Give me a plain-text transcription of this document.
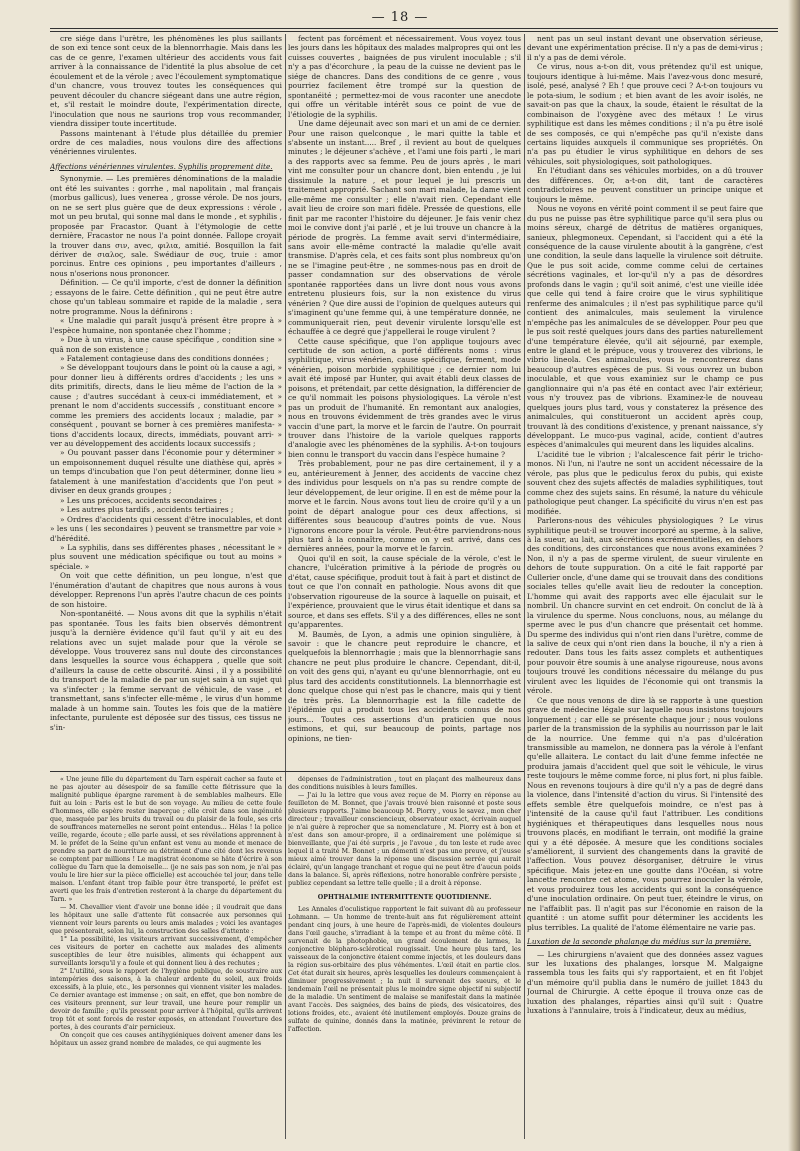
— 18 —

cre siége dans l'urètre, les phénomènes les plus saillants de son exi tence sont ceux de la blennorrhagie. Mais dans les cas de ce genre, l'examen ultérieur des accidents vous fait arriver à la connaissance de l'identité la plus absolue de cet écoulement et de la vérole ; avec l'écoulement symptomatique d'un chancre, vous trouvez toutes les conséquences qui peuvent découler du chancre siégeant dans une autre région, et, s'il restait le moindre doute, l'expérimentation directe, l'inoculation que nous ne saurions trop vous recommander, viendra dissiper toute incertitude.

Passons maintenant à l'étude plus détaillée du premier ordre de ces maladies, nous voulons dire des affections vénériennes virulentes.

Affections vénériennes virulentes. Syphilis proprement dite.

Synonymie. — Les premières dénominations de la maladie ont été les suivantes : gorrhe , mal napolitain , mal français (morbus gallicus), lues venerea , grosse vérole. De nos jours, on ne se sert plus guère que de deux expressions : vérole , mot un peu brutal, qui sonne mal dans le monde , et syphilis , proposée par Fracastor. Quant à l'étymologie de cette dernière, Fracastor ne nous l'a point donnée. Fallope croyait la trouver dans σιν, avec, φιλια, amitié. Bosquillon la fait dériver de σιαλος, sale. Swédiaur de συς, truie : amor porcinus. Entre ces opinions , peu importantes d'ailleurs , nous n'oserions nous prononcer.

Définition. — Ce qu'il importe, c'est de donner la définition ; essayons de le faire. Cette définition , qui ne peut être autre chose qu'un tableau sommaire et rapide de la maladie , sera notre programme. Nous la définirons :

« Une maladie qui paraît jusqu'à présent être propre à » l'espèce humaine, non spontanée chez l'homme ;

» Due à un virus, à une cause spécifique , condition sine » quâ non de son existence ;

» Fatalement contagieuse dans des conditions données ;

» Se développant toujours dans le point où la cause a agi, » pour donner lieu à différents ordres d'accidents ; les uns » dits primitifs, directs, dans le lieu même de l'action de la » cause ; d'autres succédant à ceux-ci immédiatement, et » prenant le nom d'accidents successifs , constituant encore » comme les premiers des accidents locaux ; maladie, par » conséquent , pouvant se borner à ces premières manifesta- » tions d'accidents locaux, directs, immédiats, pouvant arri- » ver au développement des accidents locaux successifs ;

» Ou pouvant passer dans l'économie pour y déterminer » un empoisonnement duquel résulte une diathèse qui, après » un temps d'incubation que l'on peut déterminer, donne lieu » fatalement à une manifestation d'accidents que l'on peut » diviser en deux grands groupes ;

» Les uns précoces, accidents secondaires ;

» Les autres plus tardifs , accidents tertiaires ;

» Ordres d'accidents qui cessent d'être inoculables, et dont » les uns ( les secondaires ) peuvent se transmettre par voie » d'hérédité.

» La syphilis, dans ses différentes phases , nécessitant le » plus souvent une médication spécifique ou tout au moins » spéciale. »

On voit que cette définition, un peu longue, n'est que l'énumération d'autant de chapitres que nous aurons à vous développer. Reprenons l'un après l'autre chacun de ces points de son histoire.

Non-spontanéité. — Nous avons dit que la syphilis n'était pas spontanée. Tous les faits bien observés démontrent jusqu'à la dernière évidence qu'il faut qu'il y ait eu des relations avec un sujet malade pour que la vérole se développe. Vous trouverez sans nul doute des circonstances dans lesquelles la source vous échappera , quelle que soit d'ailleurs la cause de cette obscurité. Ainsi , il y a possibilité du transport de la maladie de par un sujet sain à un sujet qui va s'infecter ; la femme servant de véhicule, de vase , et transmettant, sans s'infecter elle-même , le virus d'un homme malade à un homme sain. Toutes les fois que de la matière infectante, purulente est déposée sur des tissus, ces tissus ne s'in-

fectent pas forcément et nécessairement. Vous voyez tous les jours dans les hôpitaux des malades malpropres qui ont les cuisses couvertes , baignées de pus virulent inoculable ; s'il n'y a pas d'écorchure , la peau de la cuisse ne devient pas le siége de chancres. Dans des conditions de ce genre , vous pourriez facilement être trompé sur la question de spontanéité ; permettez-moi de vous raconter une anecdote qui offre un véritable intérêt sous ce point de vue de l'étiologie de la syphilis.

Une dame déjeunait avec son mari et un ami de ce dernier. Pour une raison quelconque , le mari quitte la table et s'absente un instant..... Bref , il revient au bout de quelques minutes ; le déjeuner s'achève , et l'ami une fois parti , le mari a des rapports avec sa femme. Peu de jours après , le mari vint me consulter pour un chancre dont, bien entendu , je lui dissimule la nature , et pour lequel je lui prescris un traitement approprié. Sachant son mari malade, la dame vient elle-même me consulter ; elle n'avait rien. Cependant elle avait lieu de croire son mari fidèle. Pressée de questions, elle finit par me raconter l'histoire du déjeuner. Je fais venir chez moi le convive dont j'ai parlé , et je lui trouve un chancre à la période de progrès. La femme avait servi d'intermédiaire, sans avoir elle-même contracté la maladie qu'elle avait transmise. D'après cela, et ces faits sont plus nombreux qu'on ne se l'imagine peut-être , ne sommes-nous pas en droit de passer condamnation sur des observations de vérole spontanée rapportées dans un livre dont nous vous avons entretenu plusieurs fois, sur la non existence du virus vénérien ? Que dire aussi de l'opinion de quelques auteurs qui s'imaginent qu'une femme qui, à une température donnée, ne communiquerait rien, peut devenir virulente lorsqu'elle est échauffée à ce degré que j'appellerai le rouge virulent ?

Cette cause spécifique, que l'on applique toujours avec certitude de son action, a porté différents noms : virus syphilitique, virus vénérien, cause spécifique, ferment, mode vénérien, poison morbide syphilitique ; ce dernier nom lui avait été imposé par Hunter, qui avait établi deux classes de poisons, et prétendait, par cette désignation, la différencier de ce qu'il nommait les poisons physiologiques. La vérole n'est pas un produit de l'humanité. En remontant aux analogies, nous en trouvons évidemment de très grandes avec le virus vaccin d'une part, la morve et le farcin de l'autre. On pourrait trouver dans l'histoire de la variole quelques rapports d'analogie avec les phénomènes de la syphilis. A-t-on toujours bien connu le transport du vaccin dans l'espèce humaine ?

Très probablement, pour ne pas dire certainement, il y a eu, antérieurement à Jenner, des accidents de vaccine chez des individus pour lesquels on n'a pas su rendre compte de leur développement, de leur origine. Il en est de même pour la morve et le farcin. Nous avons tout lieu de croire qu'il y a un point de départ analogue pour ces deux affections, si différentes sous beaucoup d'autres points de vue. Nous l'ignorons encore pour la vérole. Peut-être parviendrons-nous plus tard à la connaître, comme on y est arrivé, dans ces dernières années, pour la morve et le farcin.

Quoi qu'il en soit, la cause spéciale de la vérole, c'est le chancre, l'ulcération primitive à la période de progrès ou d'état, cause spécifique, produit tout à fait à part et distinct de tout ce que l'on connaît en pathologie. Nous avons dit que l'observation rigoureuse de la source à laquelle on puisait, et l'expérience, prouvaient que le virus était identique et dans sa source, et dans ses effets. S'il y a des différences, elles ne sont qu'apparentes.

M. Baumès, de Lyon, a admis une opinion singulière, à savoir : que le chancre peut reproduire le chancre, et quelquefois la blennorrhagie ; mais que la blennorrhagie sans chancre ne peut plus produire le chancre. Cependant, dit-il, on voit des gens qui, n'ayant eu qu'une blennorrhagie, ont eu plus tard des accidents constitutionnels. La blennorrhagie est donc quelque chose qui n'est pas le chancre, mais qui y tient de très près. La blennorrhagie est la fille cadette de l'épidémie qui a produit tous les accidents connus de nos jours... Toutes ces assertions d'un praticien que nous estimons, et qui, sur beaucoup de points, partage nos opinions, ne tien-

nent pas un seul instant devant une observation sérieuse, devant une expérimentation précise. Il n'y a pas de demi-virus ; il n'y a pas de demi vérole.

Ce virus, nous a-t-on dit, vous prétendez qu'il est unique, toujours identique à lui-même. Mais l'avez-vous donc mesuré, isolé, pesé, analysé ? Eh ! que prouve ceci ? A-t-on toujours vu le pota-sium, le sodium ; et bien avant de les avoir isolés, ne savait-on pas que la chaux, la soude, étaient le résultat de la combinaison de l'oxygène avec des métaux ! Le virus syphilitique est dans les mêmes conditions ; il n'a pu être isolé de ses composés, ce qui n'empêche pas qu'il n'existe dans certains liquides auxquels il communique ses propriétés. On n'a pas pu étudier le virus syphilitique en dehors de ses véhicules, soit physiologiques, soit pathologiques.

En l'étudiant dans ses véhicules morbides, on a dû trouver des différences. Or, a-t-on dit, tant de caractères contradictoires ne peuvent constituer un principe unique et toujours le même.

Nous ne voyons en vérité point comment il se peut faire que du pus ne puisse pas être syphilitique parce qu'il sera plus ou moins séreux, chargé de détritus de matières organiques, sanieux, phlegmoneux. Cependant, si l'accident qui a été la conséquence de la cause virulente aboutit à la gangrène, c'est une condition, la seule dans laquelle la virulence soit détruite. Que le pus soit acide, comme comme celui de certaines sécrétions vaginales, et lor-qu'il n'y a pas de désordres profonds dans le vagin ; qu'il soit animé, c'est une vieille idée que celle qui tend à faire croire que le virus syphilitique renferme des animalcules ; il n'est pas syphilitique parce qu'il contient des animalcules, mais seulement la virulence n'empêche pas les animalcules de se développer. Pour peu que le pus soit resté quelques jours dans des parties naturellement d'une température élevée, qu'il ait séjourné, par exemple, entre le gland et le prépuce, vous y trouverez des vibrions, le vibrio lineola. Ces animalcules, vous le rencontrerez dans beaucoup d'autres espèces de pus. Si vous ouvrez un bubon inoculable, et que vous examiniez sur le champ ce pus ganglionnaire qui n'a pas été en contact avec l'air extérieur, vous n'y trouvez pas de vibrions. Examinez-le de nouveau quelques jours plus tard, vous y constaterez la présence des animalcules, qui constitueront un accident après coup, trouvant là des conditions d'existence, y prenant naissance, s'y développant. Le muco-pus vaginal, acide, contient d'autres espèces d'animalcules qui meurent dans les liquides alcalins.

L'acidité tue le vibrion ; l'alcalescence fait périr le tricho-monos. Ni l'un, ni l'autre ne sont un accident nécessaire de la vérole, pas plus que le pediculus ferox du pubis, qui existe souvent chez des sujets affectés de maladies syphilitiques, tout comme chez des sujets sains. En résumé, la nature du véhicule pathologique peut changer. La spécificité du virus n'en est pas modifiée.

Parlerons-nous des véhicules physiologiques ? Le virus syphilitique peut-il se trouver incorporé au sperme, à la salive, à la sueur, au lait, aux sécrétions excrémentitielles, en dehors des conditions, des circonstances que nous avons examinées ? Non, il n'y a pas de sperme virulent, de sueur virulente en dehors de toute suppuration. On a cité le fait rapporté par Cullerier oncle, d'une dame qui se trouvait dans des conditions sociales telles qu'elle avait lieu de redouter la conception. L'homme qui avait des rapports avec elle éjaculait sur le nombril. Un chancre survint en cet endroit. On conclut de là à la virulence du sperme. Nous concluons, nous, au mélange du sperme avec le pus d'un chancre que présentait cet homme. Du sperme des individus qui n'ont rien dans l'urètre, comme de la salive de ceux qui n'ont rien dans la bouche, il n'y a rien à redouter. Dans tous les faits assez complets et authentiques pour pouvoir être soumis à une analyse rigoureuse, nous avons toujours trouvé les conditions nécessaire du mélange du pus virulent avec les liquides de l'économie qui ont transmis la vérole.

Ce que nous venons de dire là se rapporte à une question grave de médecine légale sur laquelle nous insistons toujours longuement ; car elle se présente chaque jour ; nous voulons parler de la transmission de la syphilis au nourrisson par le lait de la nourrice. Une femme qui n'a pas d'ulcération transmissible au mamelon, ne donnera pas la vérole à l'enfant qu'elle allaitera. Le contact du lait d'une femme infectée ne produira jamais d'accident quel que soit le véhicule, le virus reste toujours le même comme force, ni plus fort, ni plus faible. Nous en revenons toujours à dire qu'il n'y a pas de degré dans la violence, dans l'intensité d'action du virus. Si l'intensité des effets semble être quelquefois moindre, ce n'est pas à l'intensité de la cause qu'il faut l'attribuer. Les conditions hygiéniques et thérapeutiques dans lesquelles nous nous trouvons placés, en modifiant le terrain, ont modifié la graine qui y a été déposée. A mesure que les conditions sociales s'améliorent, il survient des changements dans la gravité de l'affection. Vous pouvez désorganiser, détruire le virus spécifique. Mais jetez-en une goutte dans l'Océan, si votre lancette rencontre cet atome, vous pourrez inoculer la vérole, et vous produirez tous les accidents qui sont la conséquence d'une inoculation ordinaire. On peut tuer, éteindre le virus, on ne l'affaiblit pas. Il n'agit pas sur l'économie en raison de la quantité : un atome suffit pour déterminer les accidents les plus terribles. La qualité de l'atome élémentaire ne varie pas.

Luxation de la seconde phalange du médius sur la première.

— Les chirurgiens n'avaient que des données assez vagues sur les luxations des phalanges, lorsque M. Malgaigne rassembla tous les faits qui s'y rapportaient, et en fit l'objet d'un mémoire qu'il publia dans le numéro de juillet 1843 du Journal de Chirurgie. A cette époque il trouva onze cas de luxation des phalanges, réparties ainsi qu'il suit : Quatre luxations à l'annulaire, trois à l'indicateur, deux au médius,

« Une jeune fille du département du Tarn espérait cacher sa faute et ne pas ajouter au désespoir de sa famille cette flétrissure que la malignité publique épargne rarement à de semblables malheurs. Elle fuit au loin : Paris est le but de son voyage. Au milieu de cette foule d'hommes, elle espère rester inaperçue ; elle croit dans son ingénuité que, masquée par les bruits du travail ou du plaisir de la foule, ses cris de souffrances maternelles ne seront point entendus... Hélas ! la police veille, regarde, écoute ; elle parle aussi, et ses révélations apprennent à M. le préfet de la Seine qu'un enfant est venu au monde et menace de prendre sa part de nourriture au détriment d'une cité dont les revenus se comptent par millions ! Le magistrat économe se hâte d'écrire à son collègue du Tarn que la demoiselle... (je ne sais pas son nom, je n'ai pas voulu le lire hier sur la pièce officielle) est accouchée tel jour, dans telle maison. L'enfant étant trop faible pour être transporté, le préfet est averti que les frais d'entretien resteront à la charge du département du Tarn. »

— M. Chevallier vient d'avoir une bonne idée ; il voudrait que dans les hôpitaux une salle d'attente fût consacrée aux personnes qui viennent voir leurs parents ou leurs amis malades ; voici les avantages que présenterait, selon lui, la construction des salles d'attente :

1° La possibilité, les visiteurs arrivant successivement, d'empêcher ces visiteurs de porter en cachette aux malades des aliments susceptibles de leur être nuisibles, aliments qui échappent aux surveillants lorsqu'il y a foule et qui donnent lieu à des rechutes ;

2° L'utilité, sous le rapport de l'hygiène publique, de soustraire aux intempéries des saisons, à la chaleur ardente du soleil, aux froids excessifs, à la pluie, etc., les personnes qui viennent visiter les malades. Ce dernier avantage est immense ; on sait, en effet, que bon nombre de ces visiteurs prennent, sur leur travail, une heure pour remplir un devoir de famille ; qu'ils pressent pour arriver à l'hôpital, qu'ils arrivent trop tôt et sont forcés de rester exposés, en attendant l'ouverture des portes, à des courants d'air pernicieux.

On conçoit que ces causes antihygiéniques doivent amener dans les hôpitaux un assez grand nombre de malades, ce qui augmente les

dépenses de l'administration , tout en plaçant des malheureux dans des conditions nuisibles à leurs familles.

— J'ai lu la lettre que vous avez reçue de M. Piorry en réponse au feuilleton de M. Bonnet, que j'avais trouvé bien raisonné et poste sous plusieurs rapports. J'aime beaucoup M. Piorry , vous le savez , mon cher directeur ; travailleur consciencieux, observateur exact, écrivain auquel je n'ai guère à reprocher que sa nomenclature , M. Piorry est à bon et n'est dans son amour-propre, il a ordinairement une polémique si bienveillante, que j'ai été surpris , je l'avoue , du ton leste et rude avec lequel il a traité M. Bonnet ; un démenti n'est pas une preuve, et j'eusse mieux aimé trouver dans la réponse une discussion serrée qui aurait éclairé, qu'un langage tranchant et rogue qui ne peut être d'aucun poids dans la balance. Si, après réflexions, notre honorable confrère persiste , publiez cependant sa lettre telle quelle ; il a droit à réponse.

OPHTHALMIE INTERMITTENTE QUOTIDIENNE.

Les Annales d'oculistique rapportent le fait suivant dû au professeur Lohmann. — Un homme de trente-huit ans fut régulièrement atteint pendant cinq jours, à une heure de l'après-midi, de violentes douleurs dans l'œil gauche, s'irradiant à la tempe et au front du même côté. Il survenait de la photophobie, un grand écoulement de larmes, la conjonctive blépharo-sclérotical rougissait. Une heure plus tard, les vaisseaux de la conjonctive étaient comme injectés, et les douleurs dans la région sus-orbitaire des plus véhémentes. L'œil était en partie clos. Cet état durait six heures, après lesquelles les douleurs commençaient à diminuer progressivement ; la nuit il survenait des sueurs, et le lendemain l'œil ne présentait plus le moindre signe objectif ni subjectif de la maladie. Un sentiment de malaise se manifestait dans la matinée avant l'accès. Des saignées, des bains de pieds, des vésicatoires, des lotions froides, etc., avaient été inutilement employés. Douze grains de sulfate de quinine, donnés dans la matinée, prévinrent le retour de l'affection.
